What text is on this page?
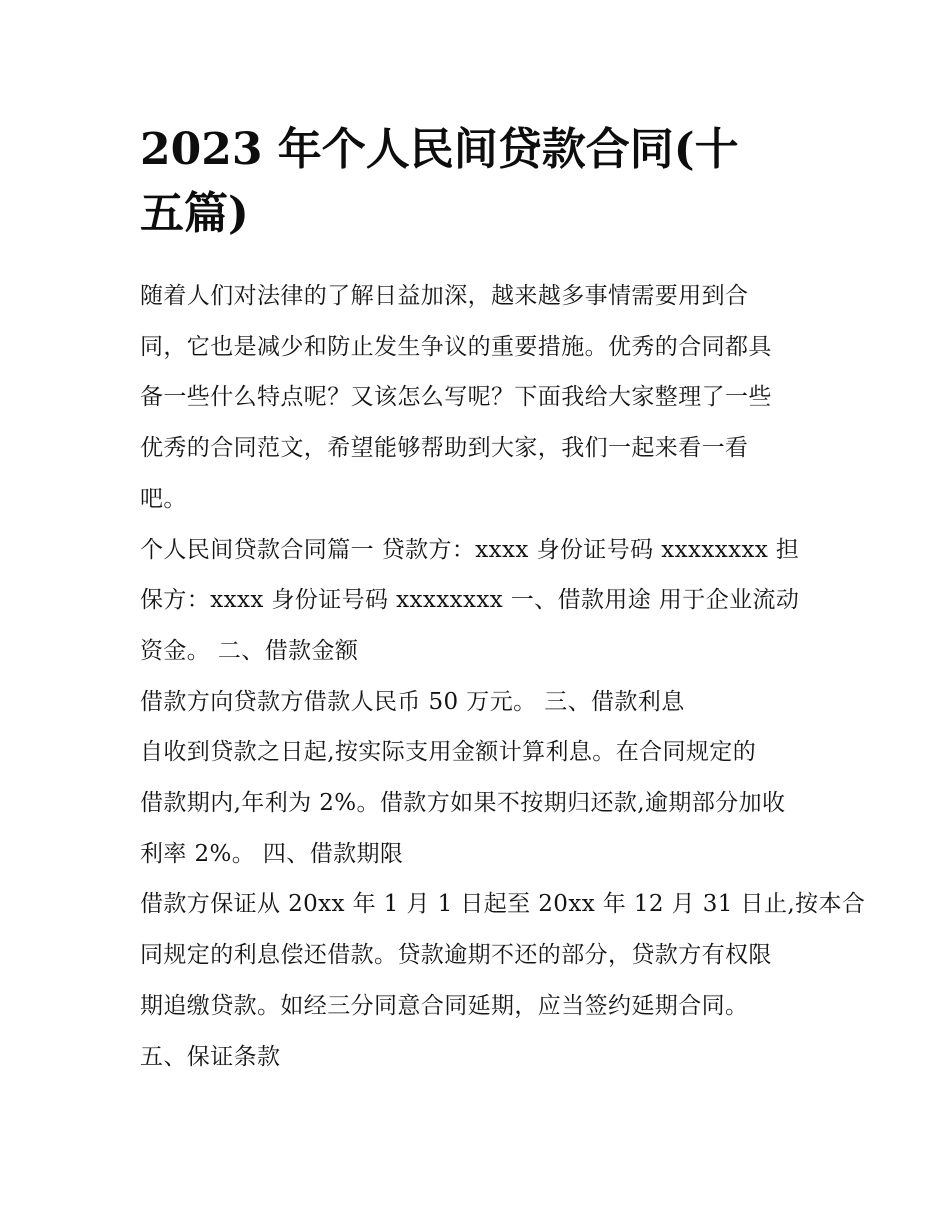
2023 年个人民间贷款合同(十
五篇)
随着人们对法律的了解日益加深，越来越多事情需要用到合
同，它也是减少和防止发生争议的重要措施。优秀的合同都具
备一些什么特点呢？又该怎么写呢？下面我给大家整理了一些
优秀的合同范文，希望能够帮助到大家，我们一起来看一看
吧。
个人民间贷款合同篇一 贷款方：xxxx 身份证号码 xxxxxxxx 担
保方：xxxx 身份证号码 xxxxxxxx 一、借款用途 用于企业流动
资金。 二、借款金额
借款方向贷款方借款人民币 50 万元。 三、借款利息
自收到贷款之日起,按实际支用金额计算利息。在合同规定的
借款期内,年利为 2%。借款方如果不按期归还款,逾期部分加收
利率 2%。 四、借款期限
借款方保证从 20xx 年 1 月 1 日起至 20xx 年 12 月 31 日止,按本合
同规定的利息偿还借款。贷款逾期不还的部分，贷款方有权限
期追缴贷款。如经三分同意合同延期，应当签约延期合同。
五、保证条款
